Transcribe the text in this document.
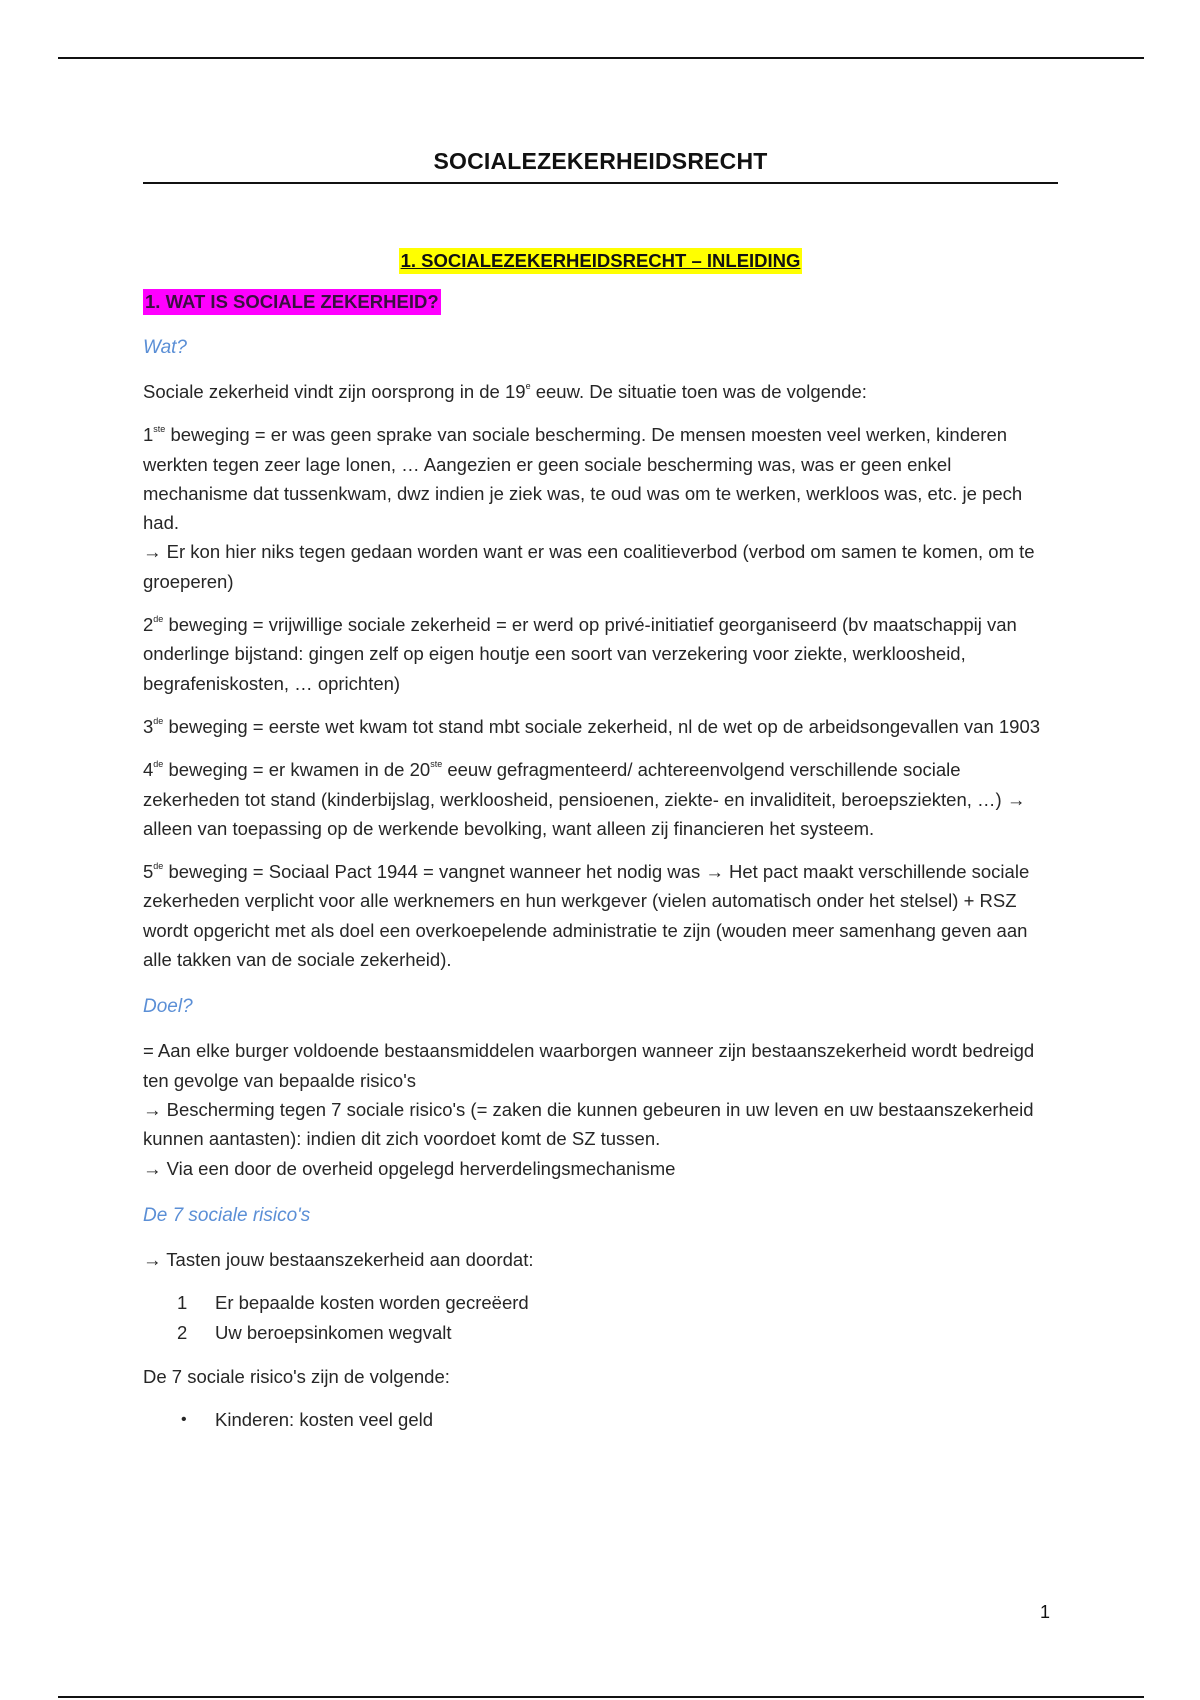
SOCIALEZEKERHEIDSRECHT
1. SOCIALEZEKERHEIDSRECHT – INLEIDING
1. WAT IS SOCIALE ZEKERHEID?
Wat?

Sociale zekerheid vindt zijn oorsprong in de 19e eeuw. De situatie toen was de volgende:

1ste beweging = er was geen sprake van sociale bescherming. De mensen moesten veel werken, kinderen werkten tegen zeer lage lonen, … Aangezien er geen sociale bescherming was, was er geen enkel mechanisme dat tussenkwam, dwz indien je ziek was, te oud was om te werken, werkloos was, etc. je pech had.
→ Er kon hier niks tegen gedaan worden want er was een coalitieverbod (verbod om samen te komen, om te groeperen)

2de beweging = vrijwillige sociale zekerheid = er werd op privé-initiatief georganiseerd (bv maatschappij van onderlinge bijstand: gingen zelf op eigen houtje een soort van verzekering voor ziekte, werkloosheid, begrafeniskosten, … oprichten)

3de beweging = eerste wet kwam tot stand mbt sociale zekerheid, nl de wet op de arbeidsongevallen van 1903

4de beweging = er kwamen in de 20ste eeuw gefragmenteerd/ achtereenvolgend verschillende sociale zekerheden tot stand (kinderbijslag, werkloosheid, pensioenen, ziekte- en invaliditeit, beroepsziekten, …) → alleen van toepassing op de werkende bevolking, want alleen zij financieren het systeem.

5de beweging = Sociaal Pact 1944 = vangnet wanneer het nodig was → Het pact maakt verschillende sociale zekerheden verplicht voor alle werknemers en hun werkgever (vielen automatisch onder het stelsel) + RSZ wordt opgericht met als doel een overkoepelende administratie te zijn (wouden meer samenhang geven aan alle takken van de sociale zekerheid).

Doel?

= Aan elke burger voldoende bestaansmiddelen waarborgen wanneer zijn bestaanszekerheid wordt bedreigd ten gevolge van bepaalde risico's
→ Bescherming tegen 7 sociale risico's (= zaken die kunnen gebeuren in uw leven en uw bestaanszekerheid kunnen aantasten): indien dit zich voordoet komt de SZ tussen.
→ Via een door de overheid opgelegd herverdelingsmechanisme

De 7 sociale risico's

→ Tasten jouw bestaanszekerheid aan doordat:

1	Er bepaalde kosten worden gecreëerd
2	Uw beroepsinkomen wegvalt

De 7 sociale risico's zijn de volgende:

•	Kinderen: kosten veel geld
1
